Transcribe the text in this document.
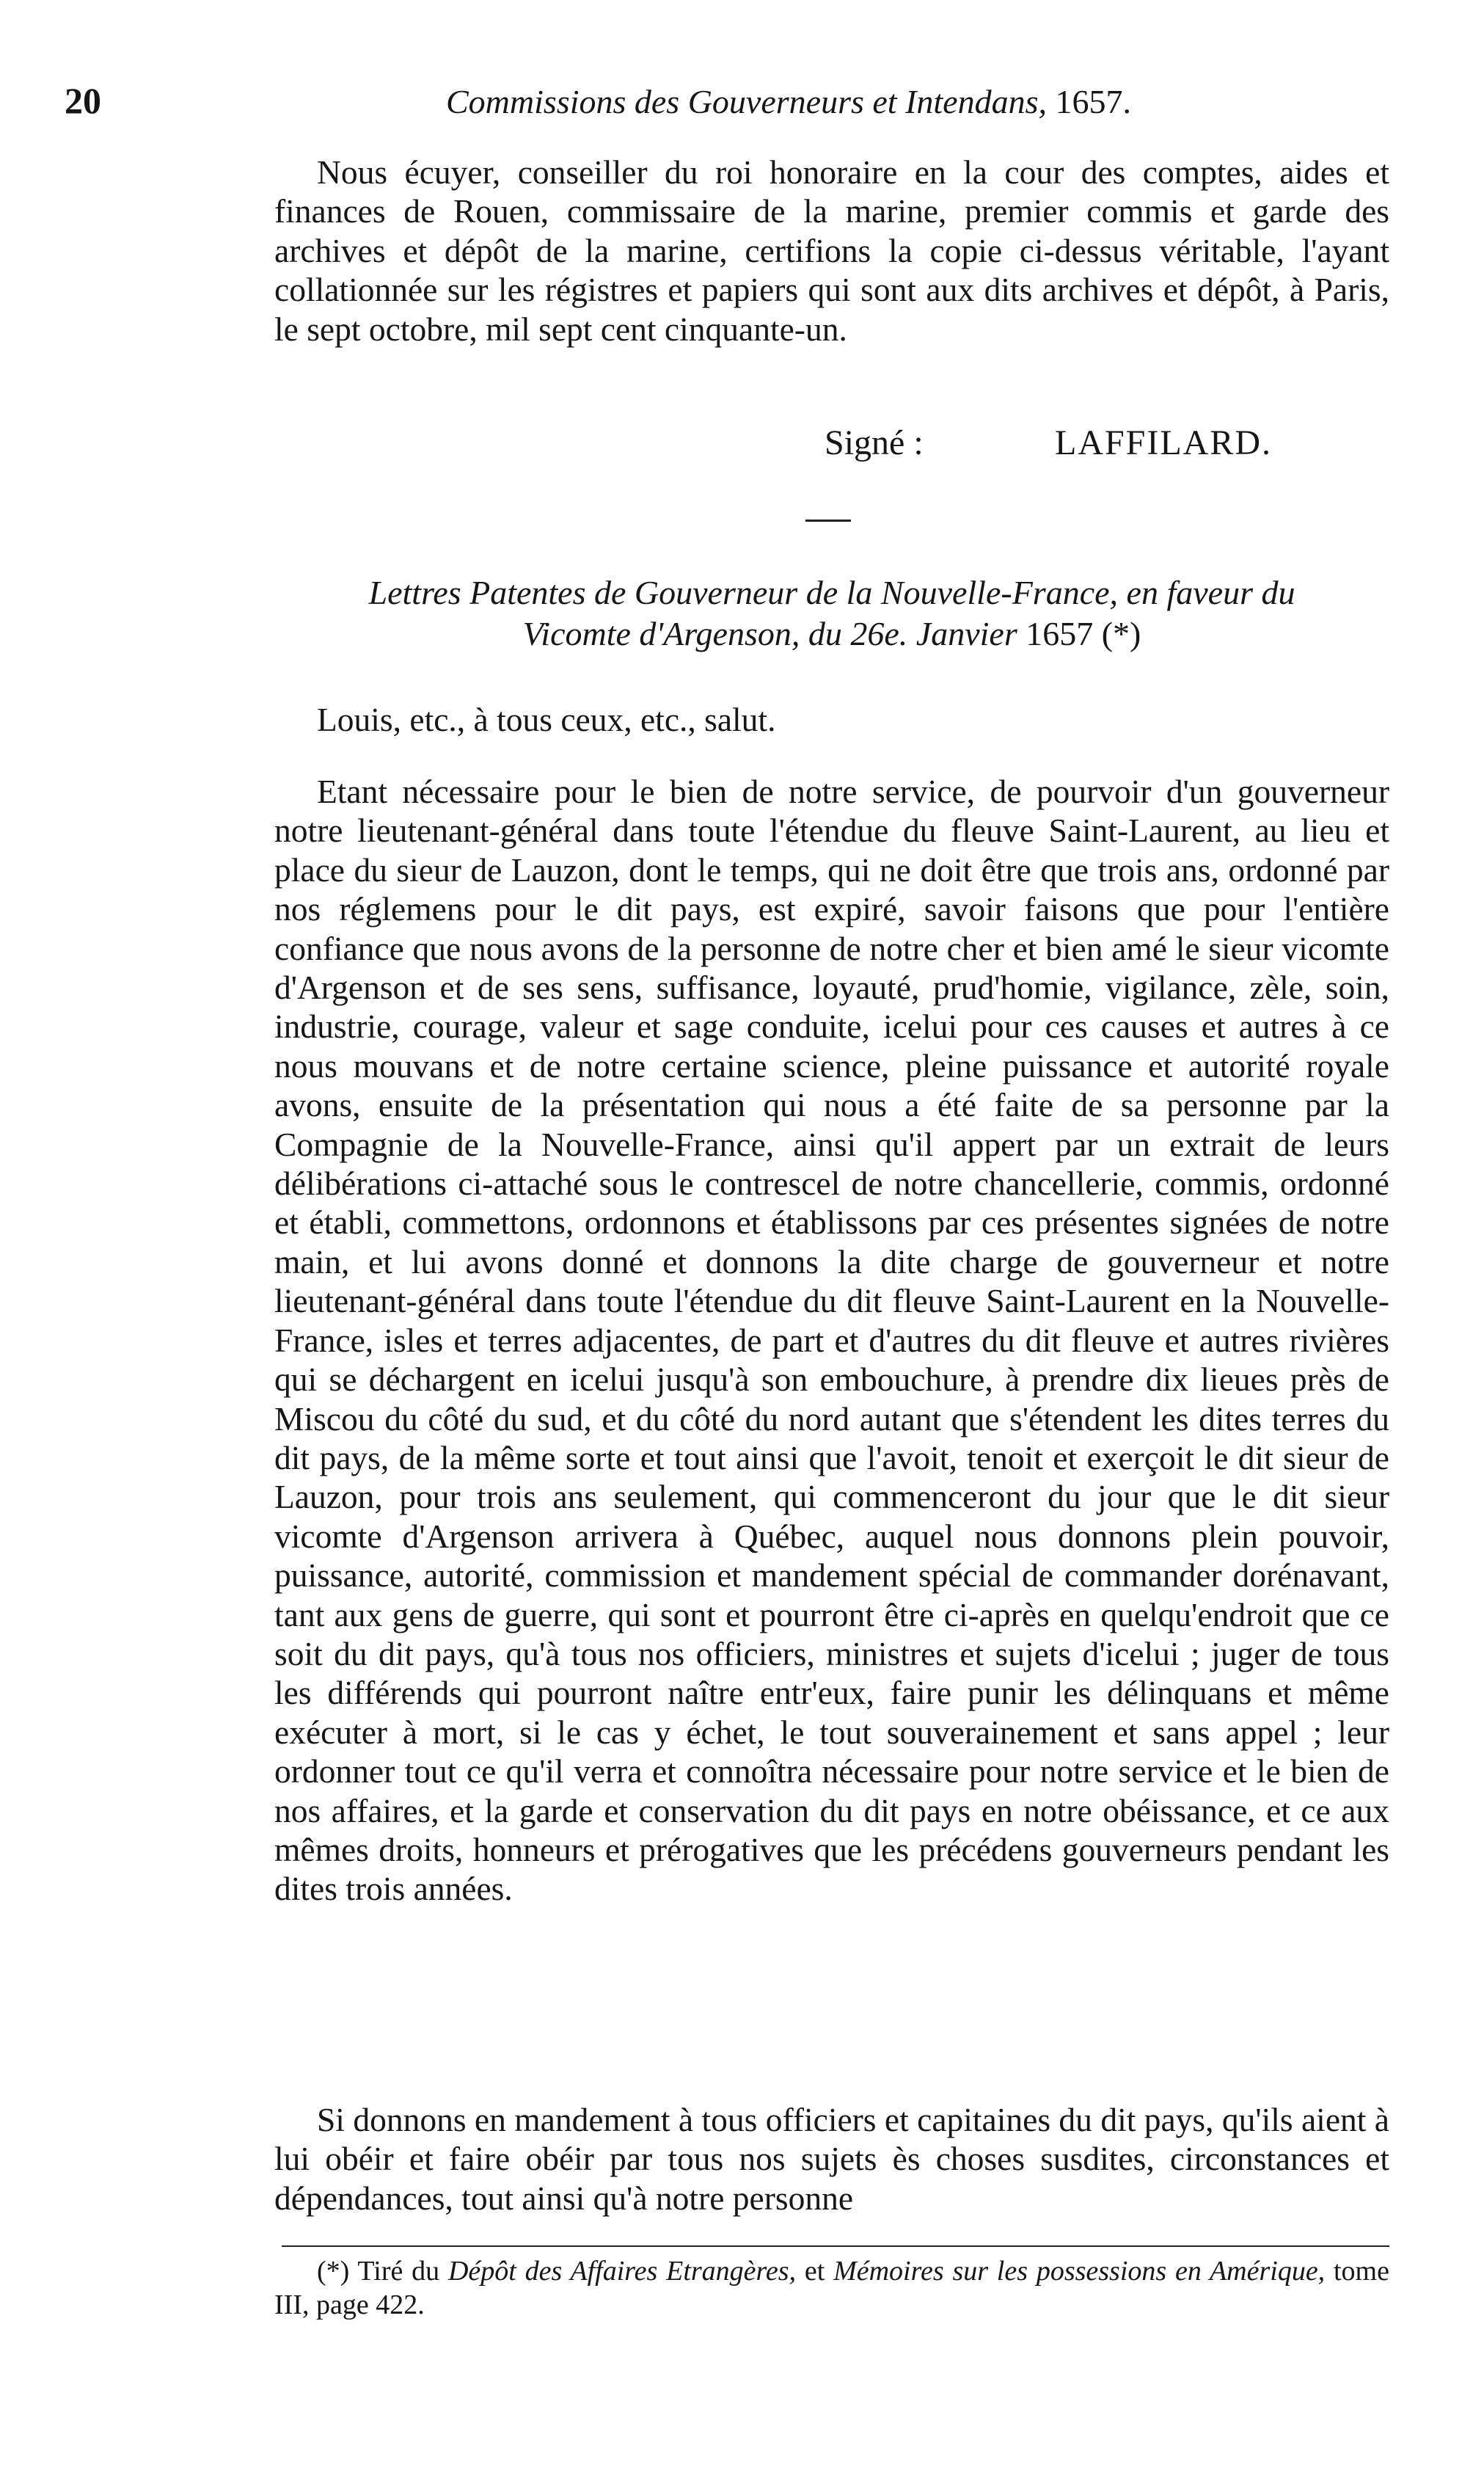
20	Commissions des Gouverneurs et Intendans, 1657.

Nous écuyer, conseiller du roi honoraire en la cour des comptes, aides et finances de Rouen, commissaire de la marine, premier commis et garde des archives et dépôt de la marine, certifions la copie ci-dessus véritable, l'ayant collationnée sur les régistres et papiers qui sont aux dits archives et dépôt, à Paris, le sept octobre, mil sept cent cinquante-un.

Signé :	LAFFILARD.
Lettres Patentes de Gouverneur de la Nouvelle-France, en faveur du
Vicomte d'Argenson, du 26e. Janvier 1657 (*)
Louis, etc., à tous ceux, etc., salut.

Etant nécessaire pour le bien de notre service, de pourvoir d'un gouverneur notre lieutenant-général dans toute l'étendue du fleuve Saint-Laurent, au lieu et place du sieur de Lauzon, dont le temps, qui ne doit être que trois ans, ordonné par nos réglemens pour le dit pays, est expiré, savoir faisons que pour l'entière confiance que nous avons de la personne de notre cher et bien amé le sieur vicomte d'Argenson et de ses sens, suffisance, loyauté, prud'homie, vigilance, zèle, soin, industrie, courage, valeur et sage conduite, icelui pour ces causes et autres à ce nous mouvans et de notre certaine science, pleine puissance et autorité royale avons, ensuite de la présentation qui nous a été faite de sa personne par la Compagnie de la Nouvelle-France, ainsi qu'il appert par un extrait de leurs délibérations ci-attaché sous le contrescel de notre chancellerie, commis, ordonné et établi, commettons, ordonnons et établissons par ces présentes signées de notre main, et lui avons donné et donnons la dite charge de gouverneur et notre lieutenant-général dans toute l'étendue du dit fleuve Saint-Laurent en la Nouvelle-France, isles et terres adjacentes, de part et d'autres du dit fleuve et autres rivières qui se déchargent en icelui jusqu'à son embouchure, à prendre dix lieues près de Miscou du côté du sud, et du côté du nord autant que s'étendent les dites terres du dit pays, de la même sorte et tout ainsi que l'avoit, tenoit et exerçoit le dit sieur de Lauzon, pour trois ans seulement, qui commenceront du jour que le dit sieur vicomte d'Argenson arrivera à Québec, auquel nous donnons plein pouvoir, puissance, autorité, commission et mandement spécial de commander dorénavant, tant aux gens de guerre, qui sont et pourront être ci-après en quelqu'endroit que ce soit du dit pays, qu'à tous nos officiers, ministres et sujets d'icelui ; juger de tous les différends qui pourront naître entr'eux, faire punir les délinquans et même exécuter à mort, si le cas y échet, le tout souverainement et sans appel ; leur ordonner tout ce qu'il verra et connoîtra nécessaire pour notre service et le bien de nos affaires, et la garde et conservation du dit pays en notre obéissance, et ce aux mêmes droits, honneurs et prérogatives que les précédens gouverneurs pendant les dites trois années.

Si donnons en mandement à tous officiers et capitaines du dit pays, qu'ils aient à lui obéir et faire obéir par tous nos sujets ès choses susdites, circonstances et dépendances, tout ainsi qu'à notre personne

(*) Tiré du Dépôt des Affaires Etrangères, et Mémoires sur les possessions en Amérique, tome III, page 422.
